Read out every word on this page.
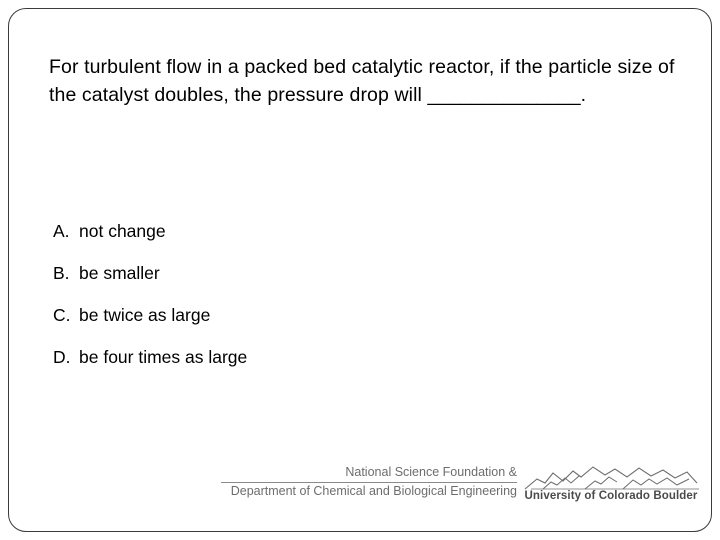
For turbulent flow in a packed bed catalytic reactor, if the particle size of the catalyst doubles, the pressure drop will ______________.
A. not change
B. be smaller
C. be twice as large
D. be four times as large
National Science Foundation &
Department of Chemical and Biological Engineering University of Colorado Boulder
